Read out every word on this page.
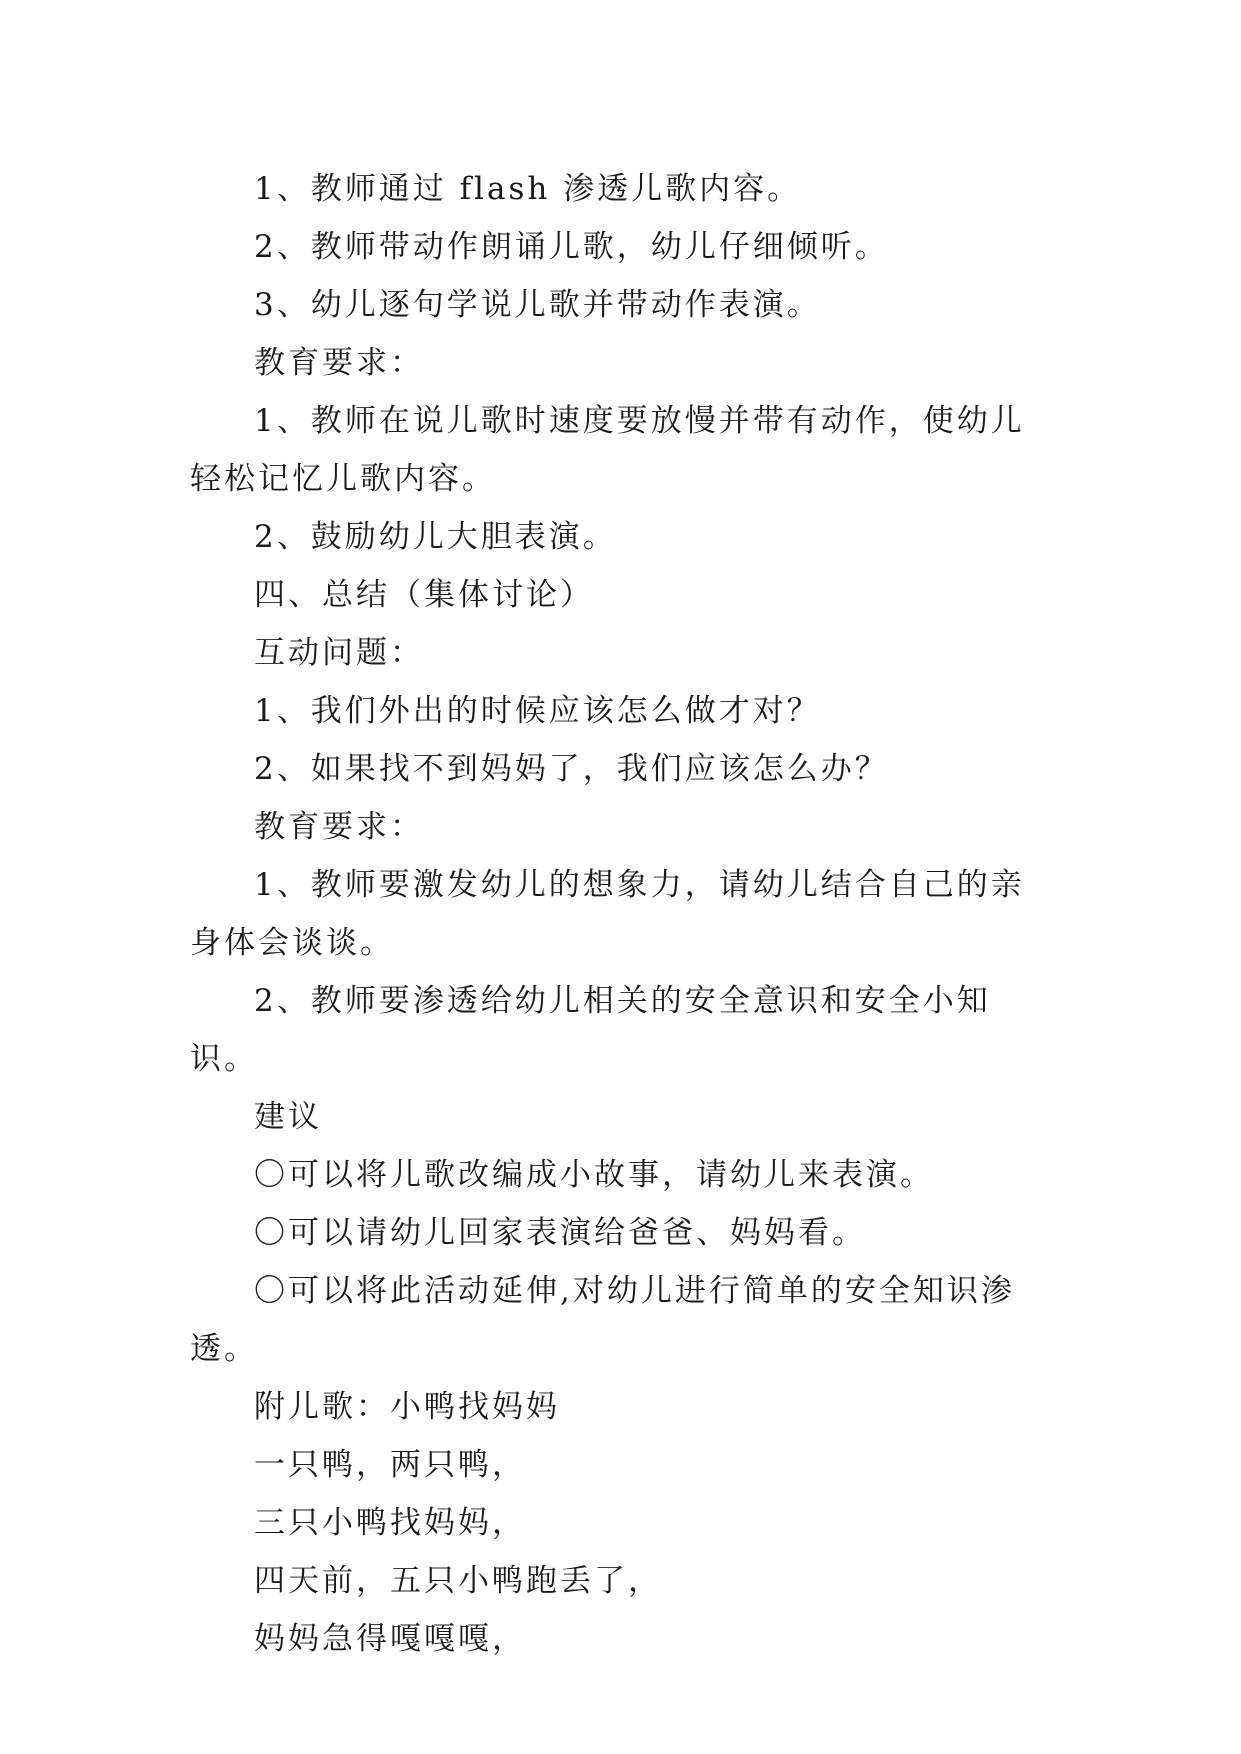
1、教师通过 flash 渗透儿歌内容。

2、教师带动作朗诵儿歌，幼儿仔细倾听。

3、幼儿逐句学说儿歌并带动作表演。

教育要求：

1、教师在说儿歌时速度要放慢并带有动作，使幼儿轻松记忆儿歌内容。

2、鼓励幼儿大胆表演。

四、总结（集体讨论）

互动问题：

1、我们外出的时候应该怎么做才对？

2、如果找不到妈妈了，我们应该怎么办？

教育要求：

1、教师要激发幼儿的想象力，请幼儿结合自己的亲身体会谈谈。

2、教师要渗透给幼儿相关的安全意识和安全小知识。

建议

〇可以将儿歌改编成小故事，请幼儿来表演。

〇可以请幼儿回家表演给爸爸、妈妈看。

〇可以将此活动延伸,对幼儿进行简单的安全知识渗透。

附儿歌：小鸭找妈妈

一只鸭，两只鸭，

三只小鸭找妈妈，

四天前，五只小鸭跑丢了，

妈妈急得嘎嘎嘎，
